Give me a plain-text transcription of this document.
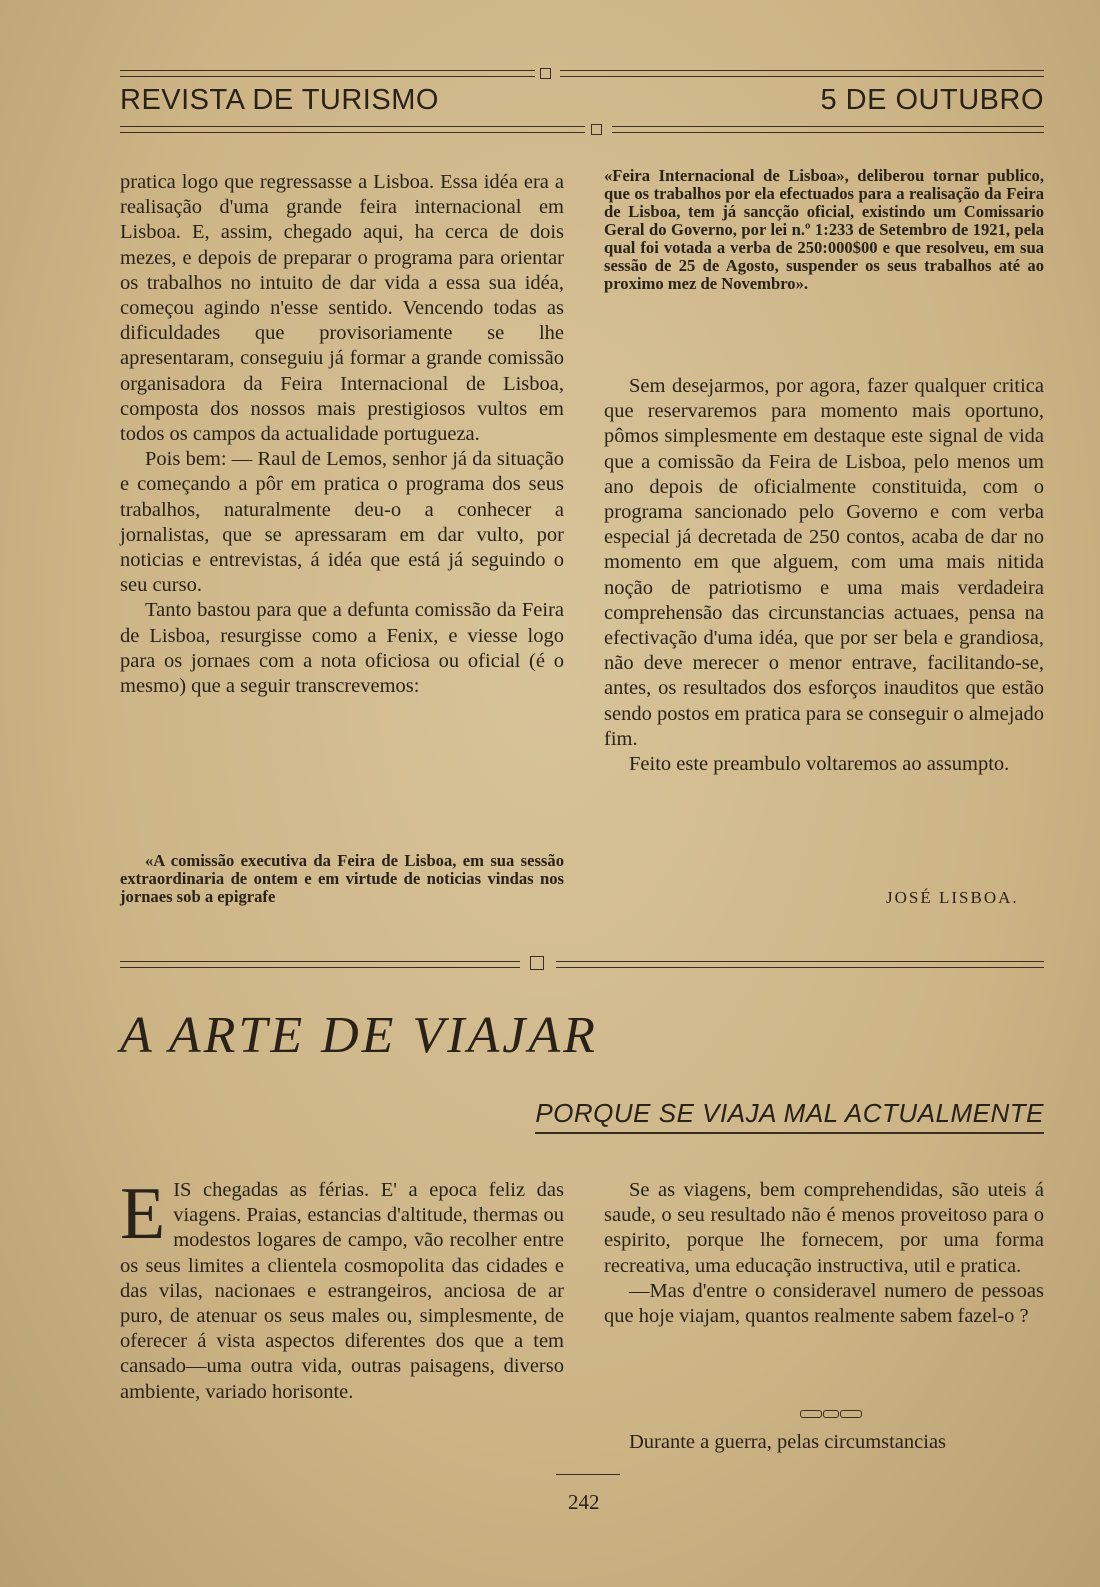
REVISTA DE TURISMO	5 DE OUTUBRO

pratica logo que regressasse a Lisboa. Essa idéa era a realisação d'uma grande feira internacional em Lisboa. E, assim, chegado aqui, ha cerca de dois mezes, e depois de preparar o programa para orientar os trabalhos no intuito de dar vida a essa sua idéa, começou agindo n'esse sentido. Vencendo todas as dificuldades que provisoriamente se lhe apresentaram, conseguiu já formar a grande comissão organisadora da Feira Internacional de Lisboa, composta dos nossos mais prestigiosos vultos em todos os campos da actualidade portugueza.

Pois bem: — Raul de Lemos, senhor já da situação e começando a pôr em pratica o programa dos seus trabalhos, naturalmente deu-o a conhecer a jornalistas, que se apressaram em dar vulto, por noticias e entrevistas, á idéa que está já seguindo o seu curso.

Tanto bastou para que a defunta comissão da Feira de Lisboa, resurgisse como a Fenix, e viesse logo para os jornaes com a nota oficiosa ou oficial (é o mesmo) que a seguir transcrevemos:

«A comissão executiva da Feira de Lisboa, em sua sessão extraordinaria de ontem e em virtude de noticias vindas nos jornaes sob a epigrafe

«Feira Internacional de Lisboa», deliberou tornar publico, que os trabalhos por ela efectuados para a realisação da Feira de Lisboa, tem já sancção oficial, existindo um Comissario Geral do Governo, por lei n.º 1:233 de Setembro de 1921, pela qual foi votada a verba de 250:000$00 e que resolveu, em sua sessão de 25 de Agosto, suspender os seus trabalhos até ao proximo mez de Novembro».

Sem desejarmos, por agora, fazer qualquer critica que reservaremos para momento mais oportuno, pômos simplesmente em destaque este signal de vida que a comissão da Feira de Lisboa, pelo menos um ano depois de oficialmente constituida, com o programa sancionado pelo Governo e com verba especial já decretada de 250 contos, acaba de dar no momento em que alguem, com uma mais nitida noção de patriotismo e uma mais verdadeira comprehensão das circunstancias actuaes, pensa na efectivação d'uma idéa, que por ser bela e grandiosa, não deve merecer o menor entrave, facilitando-se, antes, os resultados dos esforços inauditos que estão sendo postos em pratica para se conseguir o almejado fim.

Feito este preambulo voltaremos ao assumpto.

JOSÉ LISBOA.
A ARTE DE VIAJAR
PORQUE SE VIAJA MAL ACTUALMENTE
E IS chegadas as férias. E' a epoca feliz das viagens. Praias, estancias d'altitude, thermas ou modestos logares de campo, vão recolher entre os seus limites a clientela cosmopolita das cidades e das vilas, nacionaes e estrangeiros, anciosa de ar puro, de atenuar os seus males ou, simplesmente, de oferecer á vista aspectos diferentes dos que a tem cansado—uma outra vida, outras paisagens, diverso ambiente, variado horisonte.

Se as viagens, bem comprehendidas, são uteis á saude, o seu resultado não é menos proveitoso para o espirito, porque lhe fornecem, por uma forma recreativa, uma educação instructiva, util e pratica.

—Mas d'entre o consideravel numero de pessoas que hoje viajam, quantos realmente sabem fazel-o ?

Durante a guerra, pelas circumstancias

242
